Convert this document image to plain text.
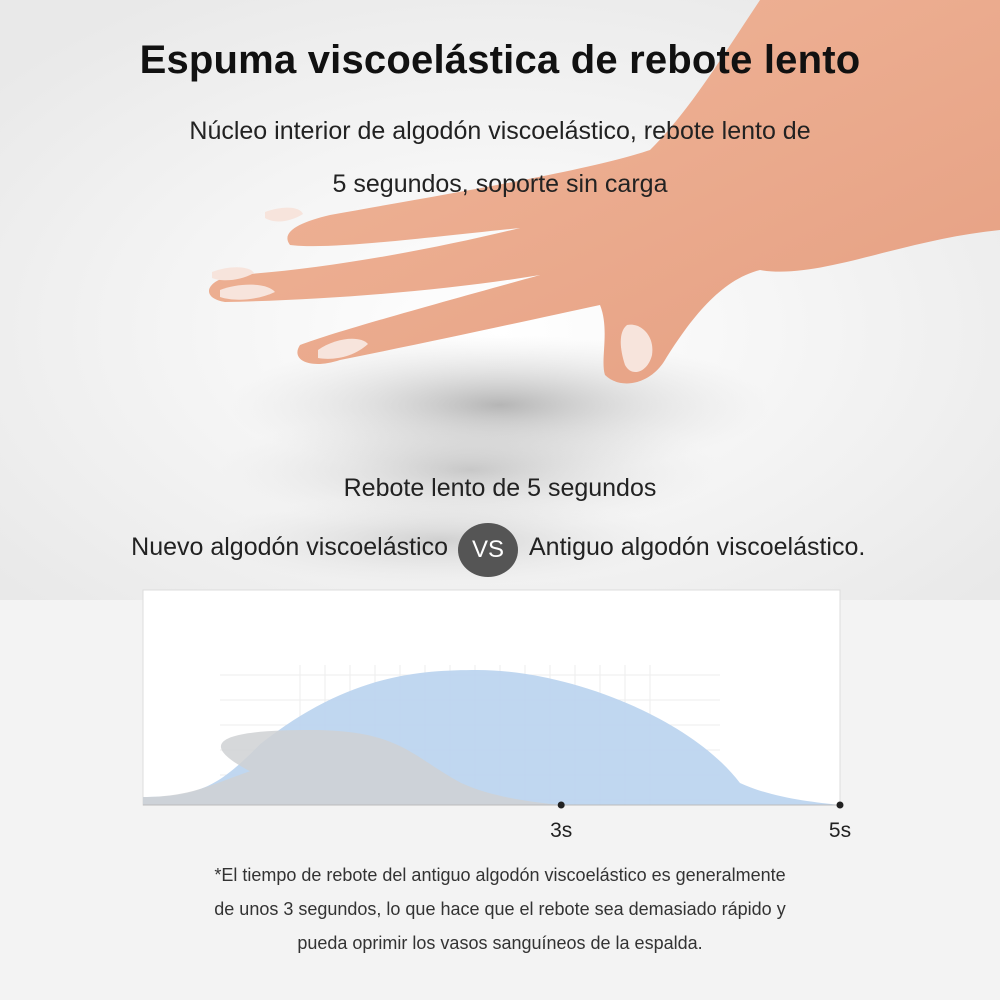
Espuma viscoelástica de rebote lento
Núcleo interior de algodón viscoelástico, rebote lento de
5 segundos, soporte sin carga
Rebote lento de 5 segundos
Nuevo algodón viscoelástico VS	Antiguo algodón viscoelástico.
3s	5s
*El tiempo de rebote del antiguo algodón viscoelástico es generalmente
de unos 3 segundos, lo que hace que el rebote sea demasiado rápido y
pueda oprimir los vasos sanguíneos de la espalda.
